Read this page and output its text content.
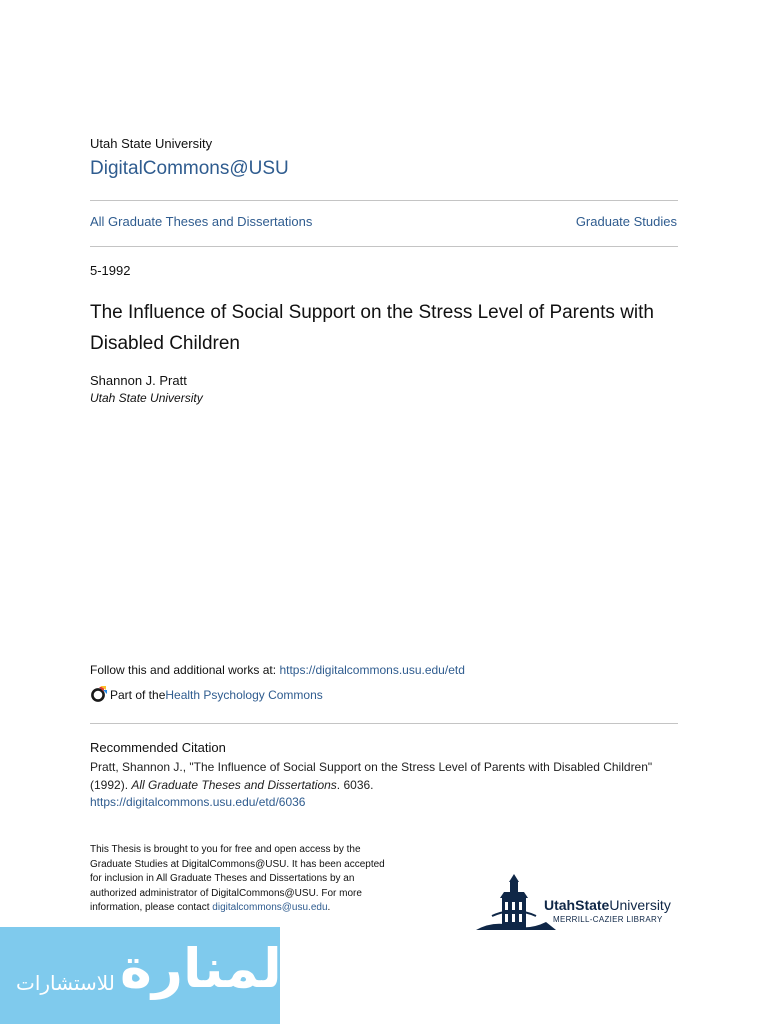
Utah State University
DigitalCommons@USU
All Graduate Theses and Dissertations	Graduate Studies
5-1992
The Influence of Social Support on the Stress Level of Parents with Disabled Children
Shannon J. Pratt
Utah State University
Follow this and additional works at: https://digitalcommons.usu.edu/etd
Part of the Health Psychology Commons
Recommended Citation
Pratt, Shannon J., "The Influence of Social Support on the Stress Level of Parents with Disabled Children"
(1992). All Graduate Theses and Dissertations. 6036.
https://digitalcommons.usu.edu/etd/6036
This Thesis is brought to you for free and open access by the Graduate Studies at DigitalCommons@USU. It has been accepted for inclusion in All Graduate Theses and Dissertations by an authorized administrator of DigitalCommons@USU. For more information, please contact digitalcommons@usu.edu.	UtahStateUniversity
MERRILL-CAZIER LIBRARY
المنارة
للاستشارات
